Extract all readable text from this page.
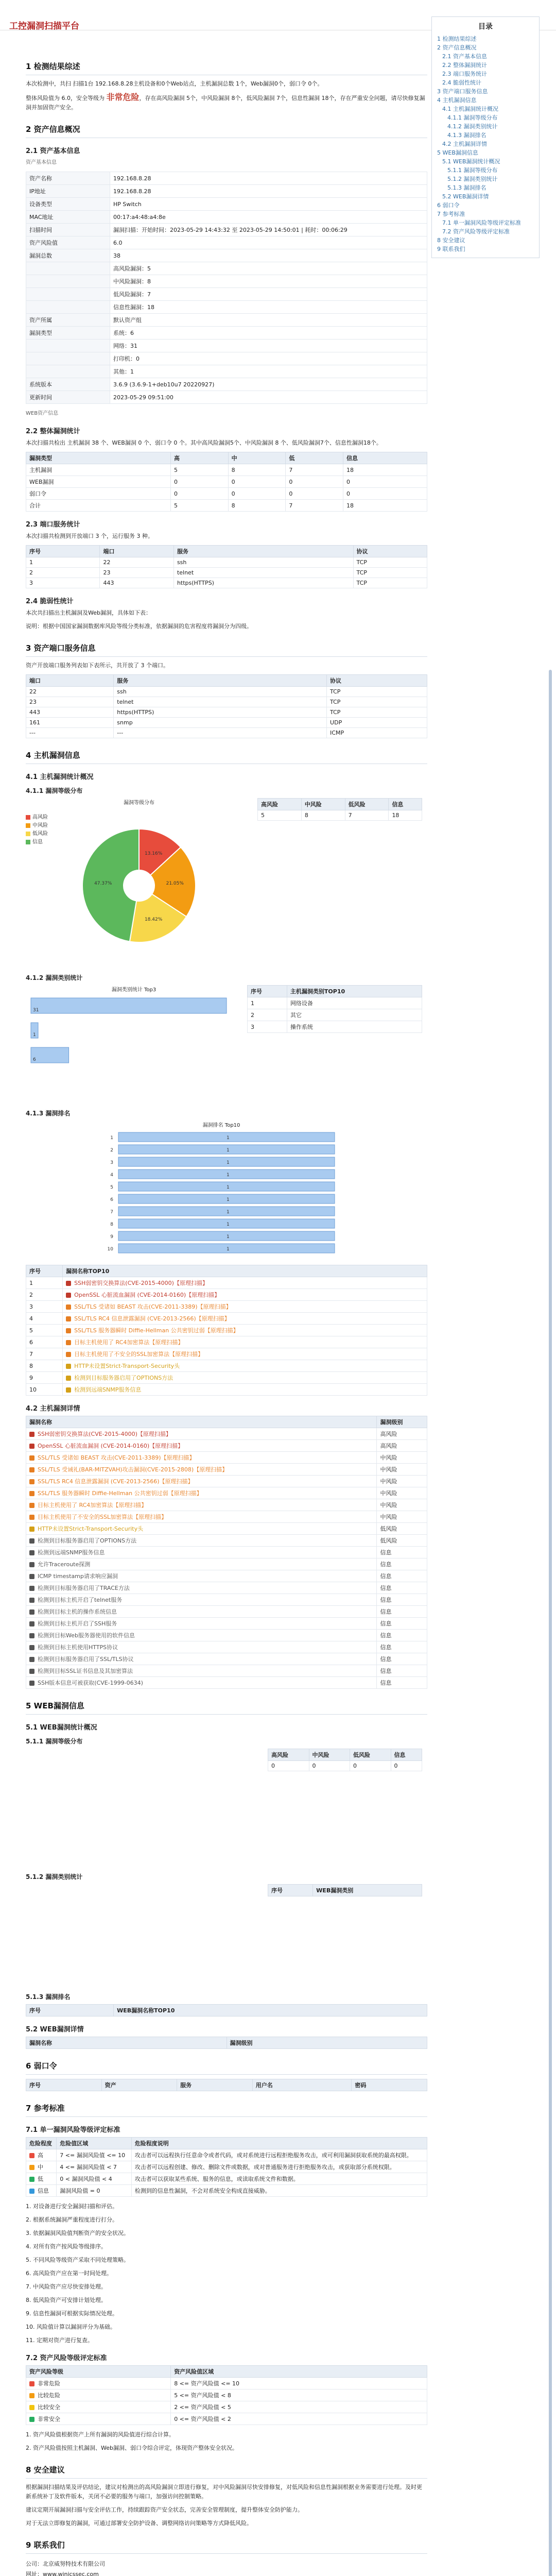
工控漏洞扫描平台	目录
1 检测结果综述
2 资产信息概况
2.1 资产基本信息
2.2 整体漏洞统计
2.3 端口服务统计
2.4 脆弱性统计
3 资产端口服务信息
4 主机漏洞信息
4.1 主机漏洞统计概况
4.1.1 漏洞等级分布
4.1.2 漏洞类别统计
4.1.3 漏洞排名
4.2 主机漏洞详情
5 WEB漏洞信息
5.1 WEB漏洞统计概况
5.1.1 漏洞等级分布
5.1.2 漏洞类别统计
5.1.3 漏洞排名
5.2 WEB漏洞详情
6 弱口令
7 参考标准
7.1 单一漏洞风险等级评定标准
7.2 资产风险等级评定标准
8 安全建议
9 联系我们
1 检测结果综述

本次检测中，共扫 扫描1台 192.168.8.28主机设备和0个Web站点，主机漏洞总数 1个，Web漏洞0个，弱口令 0个。

整体风险值为 6.0，安全等级为 非常危险，存在高风险漏洞 5个，中风险漏洞 8个，低风险漏洞 7个，信息性漏洞 18个，存在严重安全问题，请尽快修复漏洞并加固资产安全。

2 资产信息概况
2.1 资产基本信息

资产基本信息

资产名称	192.168.8.28
IP地址	192.168.8.28
设备类型	HP Switch
MAC地址	00:17:a4:48:a4:8e
扫描时间	漏洞扫描：开始时间：2023-05-29 14:43:32 至 2023-05-29 14:50:01 | 耗时：00:06:29
资产风险值	6.0
漏洞总数	38
	高风险漏洞：5
	中风险漏洞：8
	低风险漏洞：7
	信息性漏洞：18
资产所属	默认资产组
漏洞类型	系统：6
	网络：31
	打印机：0
	其他：1
系统版本	3.6.9 (3.6.9-1+deb10u7 20220927)
更新时间	2023-05-29 09:51:00

WEB资产信息

2.2 整体漏洞统计

本次扫描共检出 主机漏洞 38 个、WEB漏洞 0 个、弱口令 0 个。其中高风险漏洞5个、中风险漏洞 8 个、低风险漏洞7个、信息性漏洞18个。

漏洞类型	高	中	低	信息
主机漏洞	5	8	7	18
WEB漏洞	0	0	0	0
弱口令	0	0	0	0
合计	5	8	7	18
2.3 端口服务统计

本次扫描共检测到开放端口 3 个，运行服务 3 种。

序号	端口	服务	协议
1	22	ssh	TCP
2	23	telnet	TCP
3	443	https(HTTPS)	TCP
2.4 脆弱性统计

本次共扫描出主机漏洞及Web漏洞，具体如下表：

说明：根据中国国家漏洞数据库风险等级分类标准，依据漏洞的危害程度将漏洞分为四级。

3 资产端口服务信息

资产开放端口服务列表如下表所示，共开放了 3 个端口。

端口	服务	协议
22	ssh	TCP
23	telnet	TCP
443	https(HTTPS)	TCP
161	snmp	UDP
---	---	ICMP
4 主机漏洞信息
4.1 主机漏洞统计概况
4.1.1 漏洞等级分布
漏洞等级分布
高风险
中风险
低风险
信息
13.16%
21.05%
18.42%
47.37%
高风险	中风险	低风险	信息
5	8	7	18
4.1.2 漏洞类别统计
漏洞类别统计 Top3
31
1
6
序号	主机漏洞类别TOP10
1	网络设备
2	其它
3	操作系统
4.1.3 漏洞排名
漏洞排名 Top10
1	1
2	1
3	1
4	1
5	1
6	1
7	1
8	1
9	1
10	1
序号	漏洞名称TOP10
1	SSH弱密钥交换算法(CVE-2015-4000)【原理扫描】
2	OpenSSL 心脏流血漏洞 (CVE-2014-0160)【原理扫描】
3	SSL/TLS 受诸如 BEAST 攻击(CVE-2011-3389)【原理扫描】
4	SSL/TLS RC4 信息泄露漏洞 (CVE-2013-2566)【原理扫描】
5	SSL/TLS 服务器瞬时 Diffie-Hellman 公共密钥过弱【原理扫描】
6	目标主机使用了 RC4加密算法【原理扫描】
7	目标主机使用了不安全的SSL加密算法【原理扫描】
8	HTTP未设置Strict-Transport-Security头
9	检测到目标服务器启用了OPTIONS方法
10	检测到远端SNMP服务信息
4.2 主机漏洞详情
漏洞名称	漏洞级别
SSH弱密钥交换算法(CVE-2015-4000)【原理扫描】	高风险
OpenSSL 心脏流血漏洞 (CVE-2014-0160)【原理扫描】	高风险
SSL/TLS 受诸如 BEAST 攻击(CVE-2011-3389)【原理扫描】	中风险
SSL/TLS 受诫礼(BAR-MITZVAH)攻击漏洞(CVE-2015-2808)【原理扫描】	中风险
SSL/TLS RC4 信息泄露漏洞 (CVE-2013-2566)【原理扫描】	中风险
SSL/TLS 服务器瞬时 Diffie-Hellman 公共密钥过弱【原理扫描】	中风险
目标主机使用了 RC4加密算法【原理扫描】	中风险
目标主机使用了不安全的SSL加密算法【原理扫描】	中风险
HTTP未设置Strict-Transport-Security头	低风险
检测到目标服务器启用了OPTIONS方法	低风险
检测到远端SNMP服务信息	信息
允许Traceroute探测	信息
ICMP timestamp请求响应漏洞	信息
检测到目标服务器启用了TRACE方法	信息
检测到目标主机开启了telnet服务	信息
检测到目标主机的操作系统信息	信息
检测到目标主机开启了SSH服务	信息
检测到目标Web服务器使用的软件信息	信息
检测到目标主机使用HTTPS协议	信息
检测到目标服务器启用了SSL/TLS协议	信息
检测到目标SSL证书信息及其加密算法	信息
SSH版本信息可被获取(CVE-1999-0634)	信息
5 WEB漏洞信息
5.1 WEB漏洞统计概况
5.1.1 漏洞等级分布
高风险	中风险	低风险	信息
0	0	0	0
5.1.2 漏洞类别统计
序号	WEB漏洞类别
5.1.3 漏洞排名
序号	WEB漏洞名称TOP10
5.2 WEB漏洞详情
漏洞名称	漏洞级别
6 弱口令
序号	资产	服务	用户名	密码
7 参考标准
7.1 单一漏洞风险等级评定标准
危险程度	危险值区域	危险程度说明
高	7 <= 漏洞风险值 <= 10	攻击者可以远程执行任意命令或者代码，或对系统进行远程拒绝服务攻击，或可利用漏洞获取系统的最高权限。
中	4 <= 漏洞风险值 < 7	攻击者可以远程创建、修改、删除文件或数据，或对普通服务进行拒绝服务攻击，或获取部分系统权限。
低	0 < 漏洞风险值 < 4	攻击者可以获取某些系统、服务的信息，或读取系统文件和数据。
信息	漏洞风险值 = 0	检测到的信息性漏洞，不会对系统安全构成直接威胁。

1. 对设备进行安全漏洞扫描和评估。

2. 根据系统漏洞严重程度进行打分。

3. 依据漏洞风险值判断资产的安全状况。

4. 对所有资产按风险等级排序。

5. 不同风险等级资产采取不同处理策略。

6. 高风险资产应在第一时间处理。

7. 中风险资产应尽快安排处理。

8. 低风险资产可安排计划处理。

9. 信息性漏洞可根据实际情况处理。

10. 风险值计算以漏洞评分为基础。

11. 定期对资产进行复查。

7.2 资产风险等级评定标准
资产风险等级	资产风险值区域
非常危险	8 <= 资产风险值 <= 10
比较危险	5 <= 资产风险值 < 8
比较安全	2 <= 资产风险值 < 5
非常安全	0 <= 资产风险值 < 2

1. 资产风险值根据资产上所有漏洞的风险值进行综合计算。

2. 资产风险值按照主机漏洞、Web漏洞、弱口令综合评定，体现资产整体安全状况。

8 安全建议

根据漏洞扫描结果及评估结论，建议对检测出的高风险漏洞立即进行修复，对中风险漏洞尽快安排修复，对低风险和信息性漏洞根据业务需要进行处理。及时更新系统补丁及软件版本，关闭不必要的服务与端口，加强访问控制策略。

建议定期开展漏洞扫描与安全评估工作，持续跟踪资产安全状态，完善安全管理制度，提升整体安全防护能力。

对于无法立即修复的漏洞，可通过部署安全防护设备、调整网络访问策略等方式降低风险。

9 联系我们
公司：北京威努特技术有限公司
网址：www.winicssec.com
